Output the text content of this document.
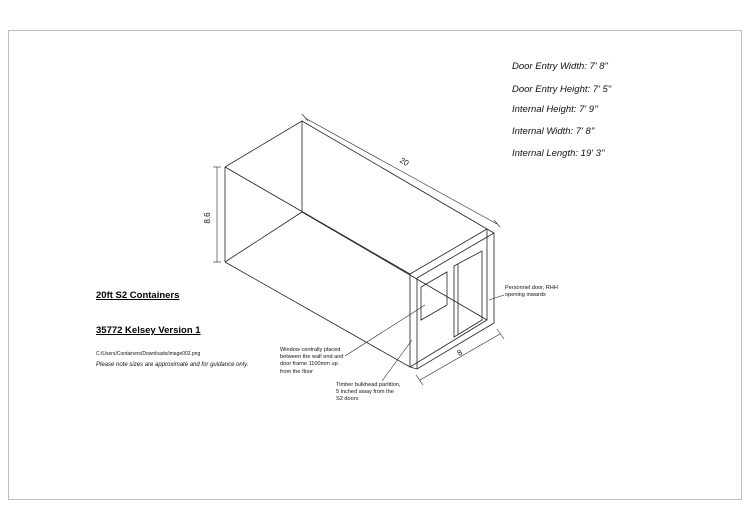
20
8.6
8
Door Entry Width: 7' 8"
Door Entry Height: 7' 5"
Internal Height: 7' 9''
Internal Width: 7' 8''
Internal Length: 19' 3''
20ft S2 Containers
35772 Kelsey Version 1
C:/Users/Containers/Downloads/image002.png
Please note sizes are approximate and for guidance only.
Personnel door, RHH
opening inwards
Window centrally placed
between the wall end and
door frame 1100mm up
from the floor
Timber bulkhead partition,
5 inched away from the
S2 doors
